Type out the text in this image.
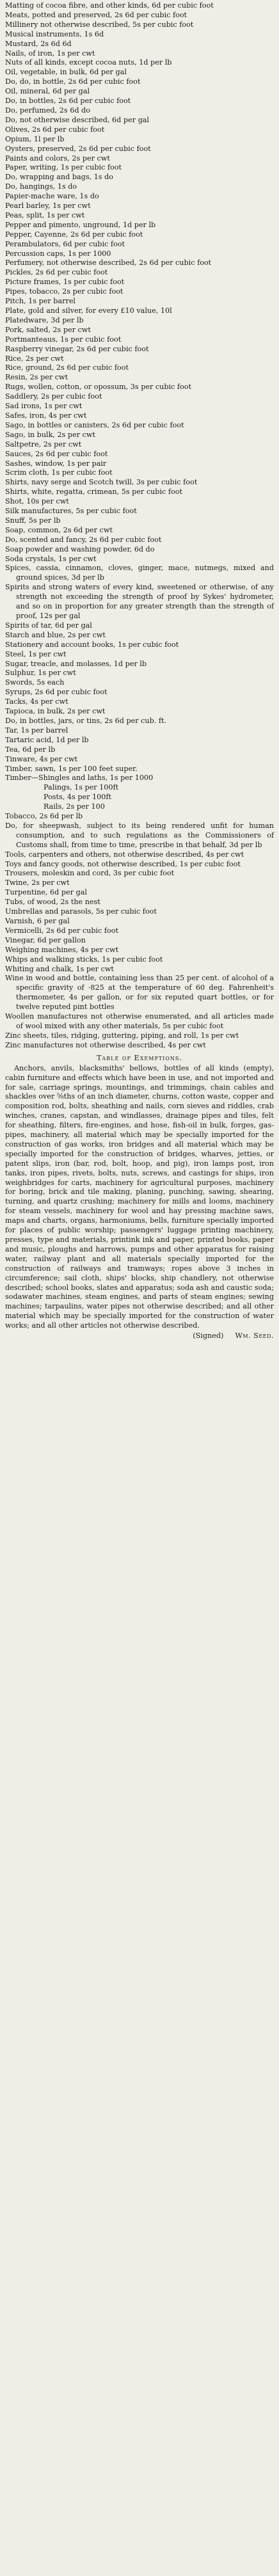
Matting of cocoa fibre, and other kinds, 6d per cubic foot

Meats, potted and preserved, 2s 6d per cubic foot

Millinery not otherwise described, 5s per cubic foot

Musical instruments, 1s 6d

Mustard, 2s 6d 6d

Nails, of iron, 1s per cwt

Nuts of all kinds, except cocoa nuts, 1d per lb

Oil, vegetable, in bulk, 6d per gal

Do, do, in bottle, 2s 6d per cubic foot

Oil, mineral, 6d per gal

Do, in bottles, 2s 6d per cubic foot

Do, perfumed, 2s 6d do

Do, not otherwise described, 6d per gal

Olives, 2s 6d per cubic foot

Opium, 1l per lb

Oysters, preserved, 2s 6d per cubic foot

Paints and colors, 2s per cwt

Paper, writing, 1s per cubic foot

Do, wrapping and bags, 1s do

Do, hangings, 1s do

Papier-mache ware, 1s do

Pearl barley, 1s per cwt

Peas, split, 1s per cwt

Pepper and pimento, unground, 1d per lb

Pepper, Cayenne, 2s 6d per cubic foot

Perambulators, 6d per cubic foot

Percussion caps, 1s per 1000

Perfumery, not otherwise described, 2s 6d per cubic foot

Pickles, 2s 6d per cubic foot

Picture frames, 1s per cubic foot

Pipes, tobacco, 2s per cubic foot

Pitch, 1s per barrel

Plate, gold and silver, for every £10 value, 10l

Platedware, 3d per lb

Pork, salted, 2s per cwt

Portmanteaus, 1s per cubic foot

Raspberry vinegar, 2s 6d per cubic foot

Rice, 2s per cwt

Rice, ground, 2s 6d per cubic foot

Resin, 2s per cwt

Rugs, wollen, cotton, or opossum, 3s per cubic foot

Saddlery, 2s per cubic foot

Sad irons, 1s per cwt

Safes, iron, 4s per cwt

Sago, in bottles or canisters, 2s 6d per cubic foot

Sago, in bulk, 2s per cwt

Saltpetre, 2s per cwt

Sauces, 2s 6d per cubic foot

Sashes, window, 1s per pair

Scrim cloth, 1s per cubic foot

Shirts, navy serge and Scotch twill, 3s per cubic foot

Shirts, white, regatta, crimean, 5s per cubic foot

Shot, 10s per cwt

Silk manufactures, 5s per cubic foot

Snuff, 5s per lb

Soap, common, 2s 6d per cwt

Do, scented and fancy, 2s 6d per cubic foot

Soap powder and washing powder, 6d do

Soda crystals, 1s per cwt

Spices, cassia, cinnamon, cloves, ginger, mace, nutmegs, mixed and ground spices, 3d per lb

Spirits and strong waters of every kind, sweetened or otherwise, of any strength not exceeding the strength of proof by Sykes' hydrometer, and so on in proportion for any greater strength than the strength of proof, 12s per gal

Spirits of tar, 6d per gal

Starch and blue, 2s per cwt

Stationery and account books, 1s per cubic foot

Steel, 1s per cwt

Sugar, treacle, and molasses, 1d per lb

Sulphur, 1s per cwt

Swords, 5s each

Syrups, 2s 6d per cubic foot

Tacks, 4s per cwt

Tapioca, in bulk, 2s per cwt

Do, in bottles, jars, or tins, 2s 6d per cub. ft.

Tar, 1s per barrel

Tartaric acid, 1d per lb

Tea, 6d per lb

Tinware, 4s per cwt

Timber, sawn, 1s per 100 feet super.

Timber—Shingles and laths, 1s per 1000

Palings, 1s per 100ft

Posts, 4s per 100ft

Rails, 2s per 100

Tobacco, 2s 6d per lb

Do, for sheepwash, subject to its being rendered unfit for human consumption, and to such regulations as the Commissioners of Customs shall, from time to time, prescribe in that behalf, 3d per lb

Tools, carpenters and others, not otherwise described, 4s per cwt

Toys and fancy goods, not otherwise described, 1s per cubic foot

Trousers, moleskin and cord, 3s per cubic foot

Twine, 2s per cwt

Turpentine, 6d per gal

Tubs, of wood, 2s the nest

Umbrellas and parasols, 5s per cubic foot

Varnish, 6 per gal

Vermicelli, 2s 6d per cubic foot

Vinegar, 6d per gallon

Weighing machines, 4s per cwt

Whips and walking sticks, 1s per cubic foot

Whiting and chalk, 1s per cwt

Wine in wood and bottle, containing less than 25 per cent. of alcohol of a specific gravity of ·825 at the temperature of 60 deg. Fahrenheit's thermometer, 4s per gallon, or for six reputed quart bottles, or for twelve reputed pint bottles

Woollen manufactures not otherwise enumerated, and all articles made of wool mixed with any other materials, 5s per cubic foot

Zinc sheets, tiles, ridging, guttering, piping, and roll, 1s per cwt

Zinc manufactures not otherwise described, 4s per cwt

Table of Exemptions.

Anchors, anvils, blacksmiths' bellows, bottles of all kinds (empty), cabin furniture and effects which have been in use, and not imported and for sale, carriage springs, mountings, and trimmings, chain cables and shackles over ⅝ths of an inch diameter, churns, cotton waste, copper and composition rod, bolts, sheathing and nails, corn sieves and riddles, crab winches, cranes, capstan, and windlasses, drainage pipes and tiles, felt for sheathing, filters, fire-engines, and hose, fish-oil in bulk, forges, gas-pipes, machinery, all material which may be specially imported for the construction of gas works, iron bridges and all material which may be specially imported for the construction of bridges, wharves, jetties, or patent slips, iron (bar, rod, bolt, hoop, and pig), iron lamps post, iron tanks, iron pipes, rivets, bolts, nuts, screws, and castings for ships, iron weighbridges for carts, machinery for agricultural purposes, machinery for boring, brick and tile making, planing, punching, sawing, shearing, turning, and quartz crushing; machinery for mills and looms, machinery for steam vessels, machinery for wool and hay pressing machine saws, maps and charts, organs, harmoniums, bells, furniture specially imported for places of public worship; passengers' luggage printing machinery, presses, type and materials, printink ink and paper, printed books, paper and music, ploughs and harrows, pumps and other apparatus for raising water, railway plant and all materials specially imported for the construction of railways and tramways; ropes above 3 inches in circumference; sail cloth, ships' blocks, ship chandlery, not otherwise described; school books, slates and apparatus; soda ash and caustic soda; sodawater machines, steam engines, and parts of steam engines; sewing machines; tarpaulins, water pipes not otherwise described; and all other material which may be specially imported for the construction of water works; and all other articles not otherwise described.

(Signed) Wm. Seed.
